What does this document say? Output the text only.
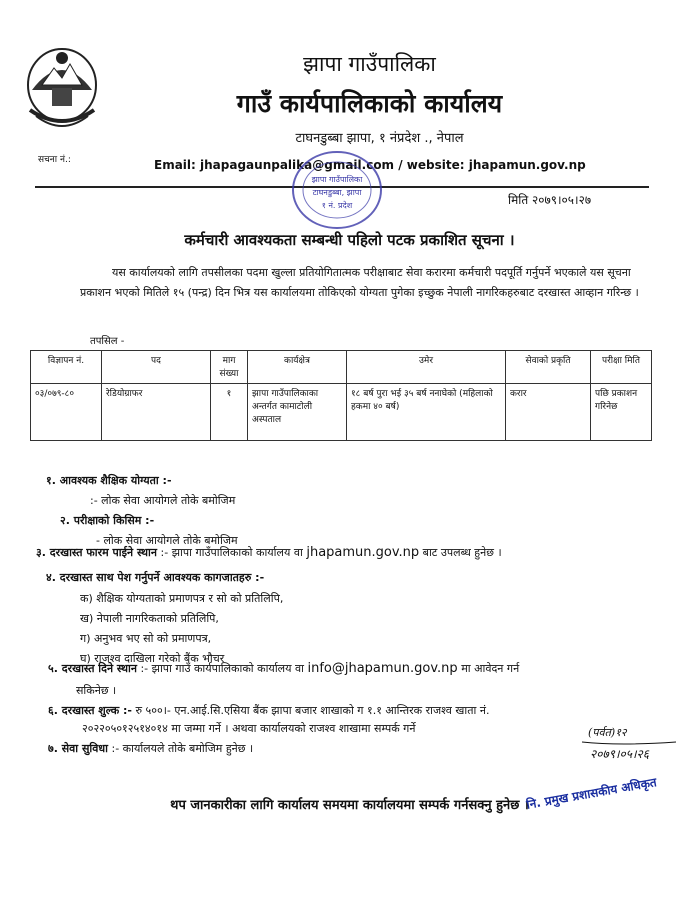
सचना नं.:
झापा गाउँपालिका
गाउँ कार्यपालिकाको कार्यालय
टाघनडुब्बा झापा, १ नंप्रदेश ., नेपाल
Email: jhapagaunpalika@gmail.com / website: jhapamun.gov.np
झापा गाउँपालिका
टाघनडुब्बा, झापा
१ नं. प्रदेश	मिति २०७९।०५।२७
कर्मचारी आवश्यकता सम्बन्धी पहिलो पटक प्रकाशित सूचना ।
यस कार्यालयको लागि तपसीलका पदमा खुल्ला प्रतियोगितात्मक परीक्षाबाट सेवा करारमा कर्मचारी पदपूर्ति गर्नुपर्ने भएकाले यस सूचना प्रकाशन भएको मितिले १५ (पन्द्र) दिन भित्र यस कार्यालयमा तोकिएको योग्यता पुगेका इच्छुक नेपाली नागरिकहरुबाट दरखास्त आव्हान गरिन्छ ।
तपसिल -
विज्ञापन नं.	पद	माग संख्या	कार्यक्षेत्र	उमेर	सेवाको प्रकृति	परीक्षा मिति
०३/०७९-८०	रेडियोग्राफर	१	झापा गाउँपालिकाका अन्तर्गत कामाटोली अस्पताल	१८ बर्ष पुरा भई ३५ बर्ष ननाघेको (महिलाको हकमा ४० बर्ष)	करार	पछि प्रकाशन गरिनेछ
१. आवश्यक शैक्षिक योग्यता :-
:- लोक सेवा आयोगले तोके बमोजिम
२. परीक्षाको किसिम :-
- लोक सेवा आयोगले तोके बमोजिम
३. दरखास्त फारम पाईने स्थान :- झापा गाउँपालिकाको कार्यालय वा jhapamun.gov.np बाट उपलब्ध हुनेछ ।
४. दरखास्त साथ पेश गर्नुपर्ने आवश्यक कागजातहरु :-
क) शैक्षिक योग्यताको प्रमाणपत्र र सो को प्रतिलिपि,
ख) नेपाली नागरिकताको प्रतिलिपि,
ग) अनुभव भए सो को प्रमाणपत्र,
घ) राजश्व दाखिला गरेको बैंक भौचर
५. दरखास्त दिने स्थान :- झापा गाउँ कार्यपालिकाको कार्यालय वा info@jhapamun.gov.np मा आवेदन गर्न
सकिनेछ ।
६. दरखास्त शुल्क :- रु ५००।- एन.आई.सि.एसिया बैंक झापा बजार शाखाको ग १.१ आन्तिरक राजश्व खाता नं.
२०२२०५०१२५१४०१४ मा जम्मा गर्ने । अथवा कार्यालयको राजश्व शाखामा सम्पर्क गर्ने
७. सेवा सुविधा :- कार्यालयले तोके बमोजिम हुनेछ ।
(पर्वत)१२
२०७९।०५।२६
थप जानकारीका लागि कार्यालय समयमा कार्यालयमा सम्पर्क गर्नसक्नु हुनेछ ।
नि. प्रमुख प्रशासकीय अधिकृत
